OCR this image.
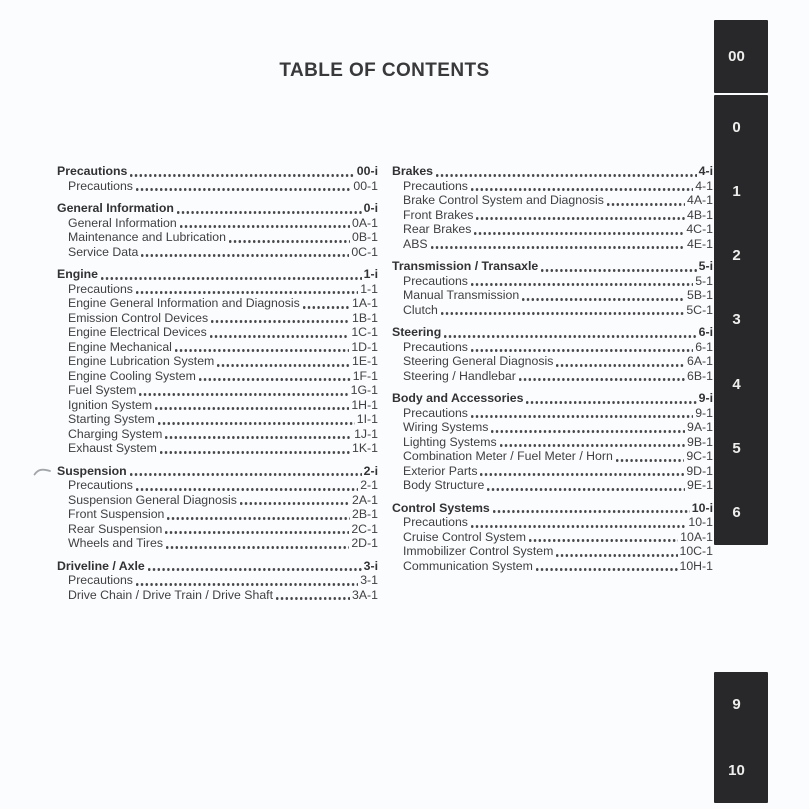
TABLE OF CONTENTS
Precautions	00-i
Precautions	00-1
General Information	0-i
General Information	0A-1
Maintenance and Lubrication	0B-1
Service Data	0C-1
Engine	1-i
Precautions	1-1
Engine General Information and Diagnosis	1A-1
Emission Control Devices	1B-1
Engine Electrical Devices	1C-1
Engine Mechanical	1D-1
Engine Lubrication System	1E-1
Engine Cooling System	1F-1
Fuel System	1G-1
Ignition System	1H-1
Starting System	1I-1
Charging System	1J-1
Exhaust System	1K-1
Suspension	2-i
Precautions	2-1
Suspension General Diagnosis	2A-1
Front Suspension	2B-1
Rear Suspension	2C-1
Wheels and Tires	2D-1
Driveline / Axle	3-i
Precautions	3-1
Drive Chain / Drive Train / Drive Shaft	3A-1
Brakes	4-i
Precautions	4-1
Brake Control System and Diagnosis	4A-1
Front Brakes	4B-1
Rear Brakes	4C-1
ABS	4E-1
Transmission / Transaxle	5-i
Precautions	5-1
Manual Transmission	5B-1
Clutch	5C-1
Steering	6-i
Precautions	6-1
Steering General Diagnosis	6A-1
Steering / Handlebar	6B-1
Body and Accessories	9-i
Precautions	9-1
Wiring Systems	9A-1
Lighting Systems	9B-1
Combination Meter / Fuel Meter / Horn	9C-1
Exterior Parts	9D-1
Body Structure	9E-1
Control Systems	10-i
Precautions	10-1
Cruise Control System	10A-1
Immobilizer Control System	10C-1
Communication System	10H-1
00
0
1
2
3
4
5
6
9
10
